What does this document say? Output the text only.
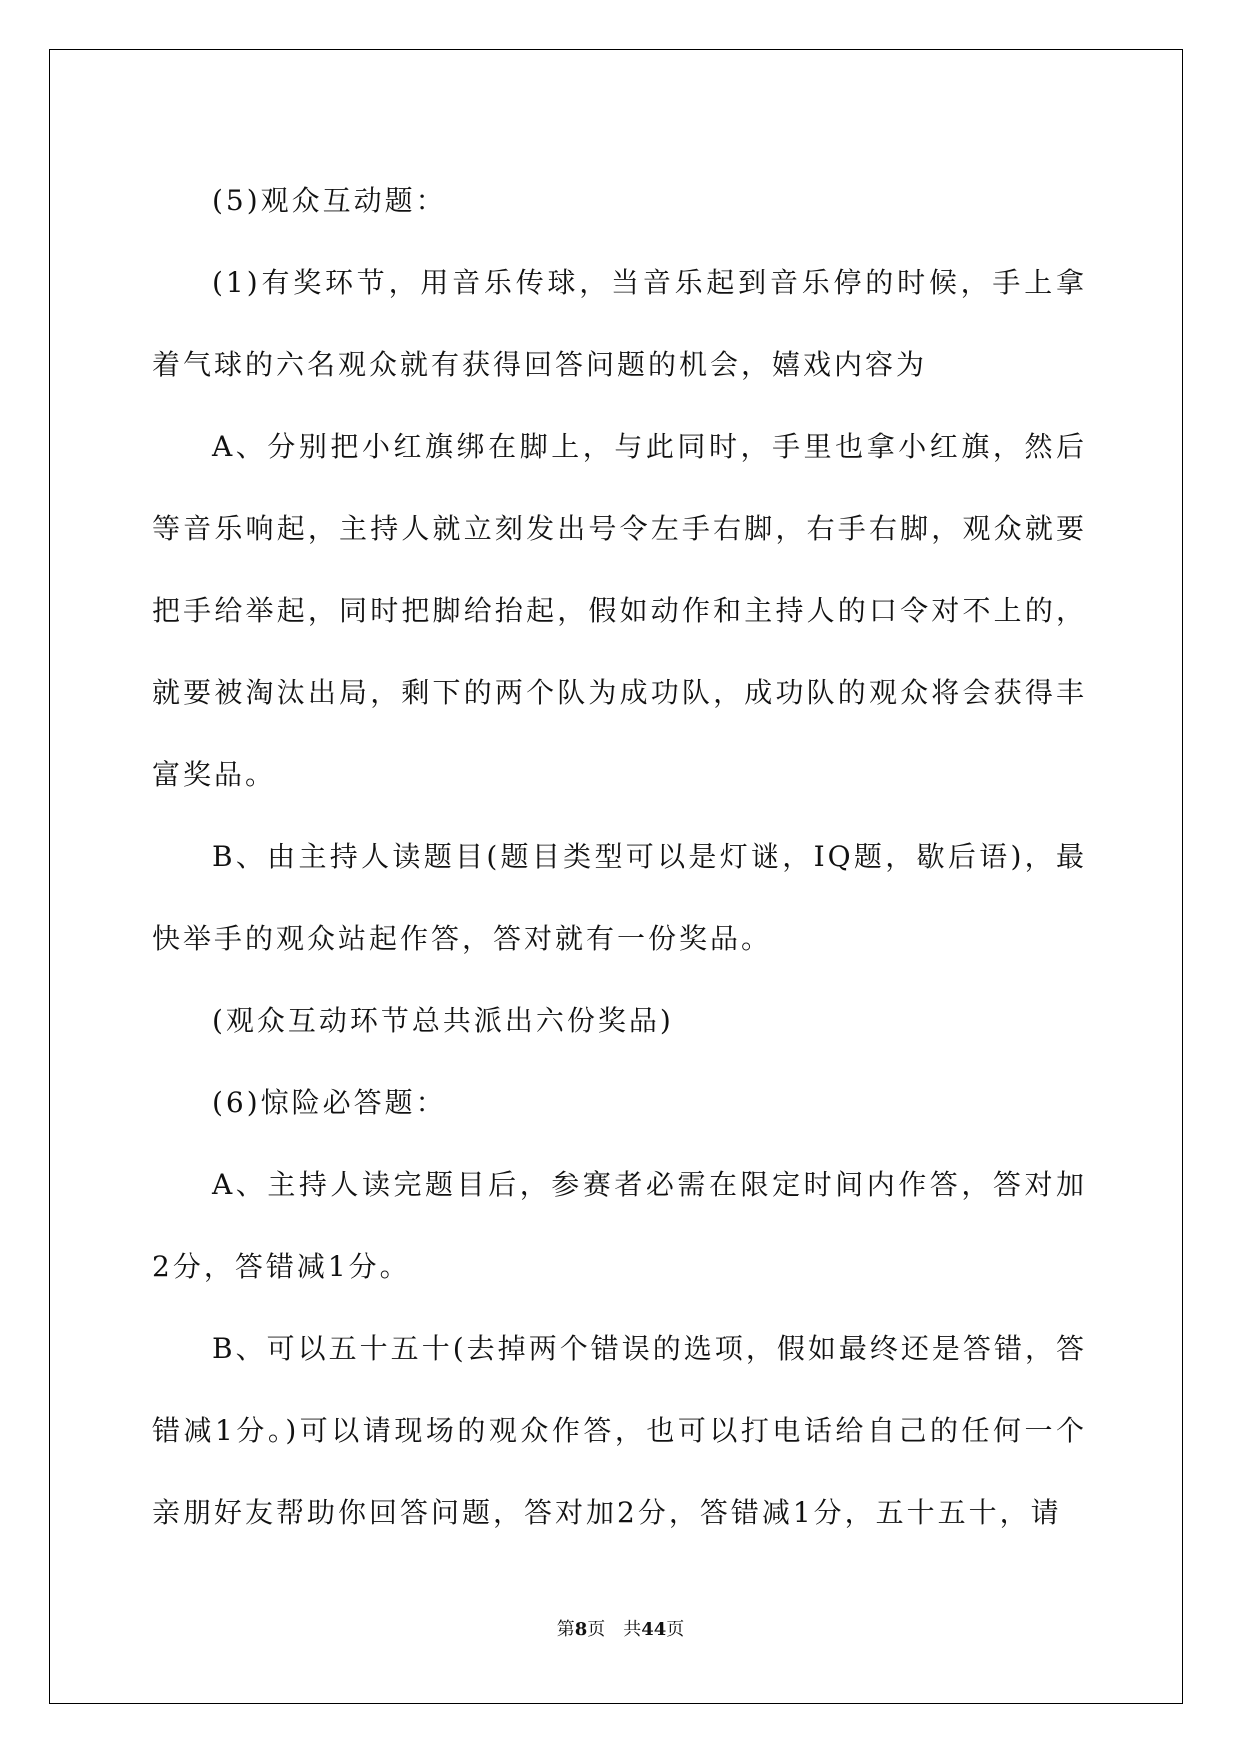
(5)观众互动题：

(1)有奖环节，用音乐传球，当音乐起到音乐停的时候，手上拿着气球的六名观众就有获得回答问题的机会，嬉戏内容为

A、分别把小红旗绑在脚上，与此同时，手里也拿小红旗，然后等音乐响起，主持人就立刻发出号令左手右脚，右手右脚，观众就要把手给举起，同时把脚给抬起，假如动作和主持人的口令对不上的，就要被淘汰出局，剩下的两个队为成功队，成功队的观众将会获得丰富奖品。

B、由主持人读题目(题目类型可以是灯谜，IQ题，歇后语)，最快举手的观众站起作答，答对就有一份奖品。

(观众互动环节总共派出六份奖品)

(6)惊险必答题：

A、主持人读完题目后，参赛者必需在限定时间内作答，答对加2分，答错减1分。

B、可以五十五十(去掉两个错误的选项，假如最终还是答错，答错减1分。)可以请现场的观众作答，也可以打电话给自己的任何一个亲朋好友帮助你回答问题，答对加2分，答错减1分，五十五十，请

第8页　共44页
